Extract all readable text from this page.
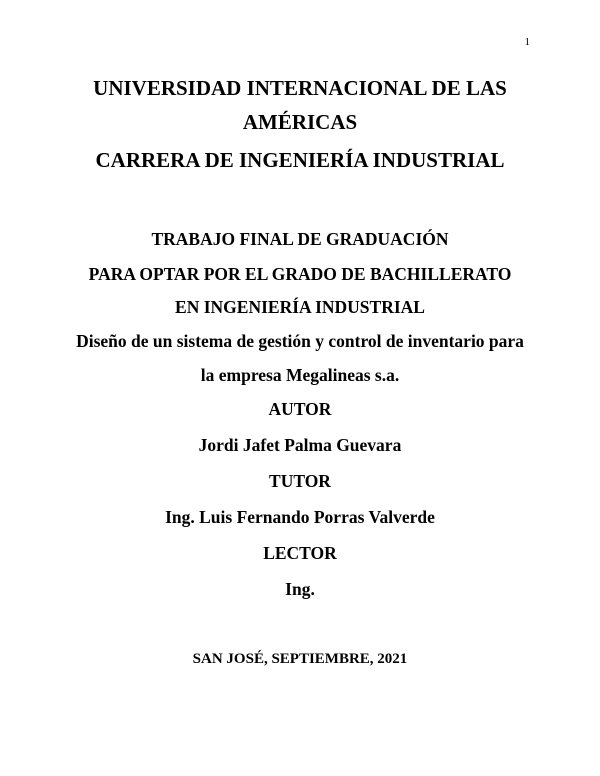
1
UNIVERSIDAD INTERNACIONAL DE LAS
AMÉRICAS
CARRERA DE INGENIERÍA INDUSTRIAL
TRABAJO FINAL DE GRADUACIÓN
PARA OPTAR POR EL GRADO DE BACHILLERATO
EN INGENIERÍA INDUSTRIAL
Diseño de un sistema de gestión y control de inventario para
la empresa Megalineas s.a.
AUTOR
Jordi Jafet Palma Guevara
TUTOR
Ing. Luis Fernando Porras Valverde
LECTOR
Ing.
SAN JOSÉ, SEPTIEMBRE, 2021
